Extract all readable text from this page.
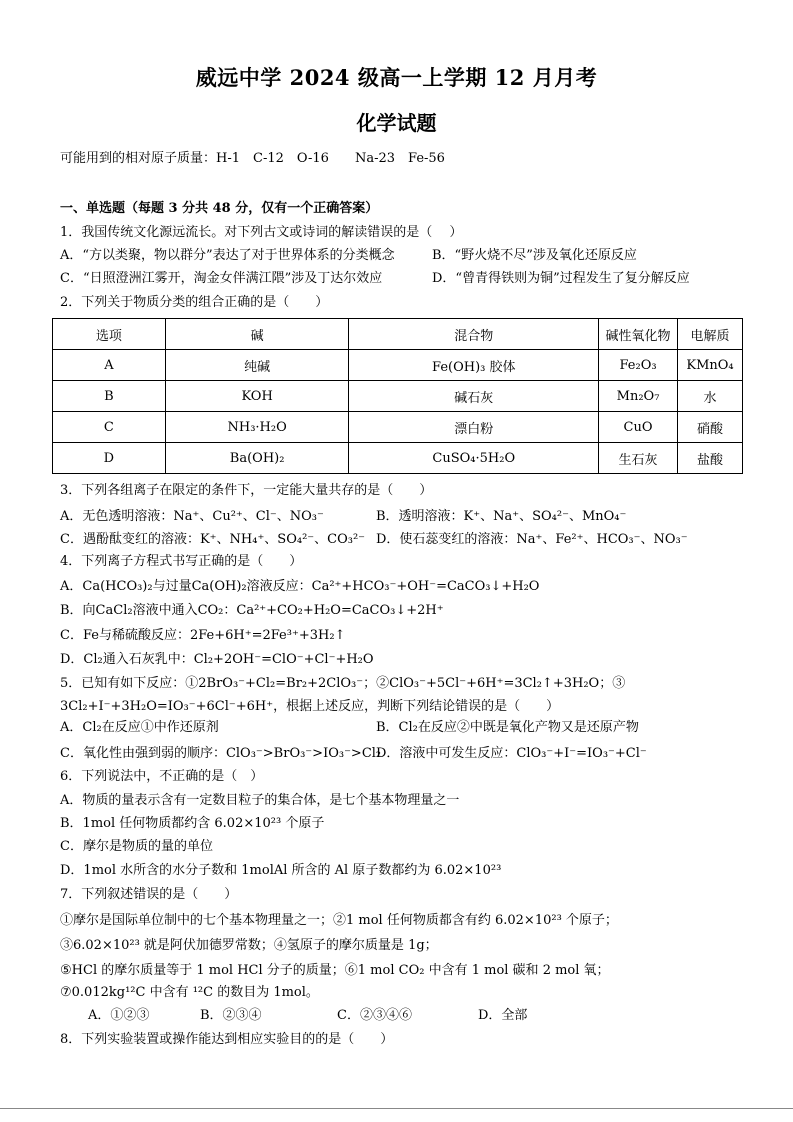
威远中学 2024 级高一上学期 12 月月考
化学试题
可能用到的相对原子质量：H-1　C-12　O-16　　Na-23　Fe-56
一、单选题（每题 3 分共 48 分，仅有一个正确答案）
1．我国传统文化源远流长。对下列古文或诗词的解读错误的是（　 ）
A．“方以类聚，物以群分”表达了对于世界体系的分类概念	B．“野火烧不尽”涉及氧化还原反应
C．“日照澄洲江雾开，淘金女伴满江隈”涉及丁达尔效应	D．“曾青得铁则为铜”过程发生了复分解反应
2．下列关于物质分类的组合正确的是（　　）
选项	碱	混合物	碱性氧化物	电解质
A	纯碱	Fe(OH)₃ 胶体	Fe₂O₃	KMnO₄
B	KOH	碱石灰	Mn₂O₇	水
C	NH₃·H₂O	漂白粉	CuO	硝酸
D	Ba(OH)₂	CuSO₄·5H₂O	生石灰	盐酸
3．下列各组离子在限定的条件下，一定能大量共存的是（　　）
A．无色透明溶液：Na⁺、Cu²⁺、Cl⁻、NO₃⁻	B．透明溶液：K⁺、Na⁺、SO₄²⁻、MnO₄⁻
C．遇酚酞变红的溶液：K⁺、NH₄⁺、SO₄²⁻、CO₃²⁻ D．使石蕊变红的溶液：Na⁺、Fe²⁺、HCO₃⁻、NO₃⁻
4．下列离子方程式书写正确的是（　　）
A．Ca(HCO₃)₂与过量Ca(OH)₂溶液反应：Ca²⁺+HCO₃⁻+OH⁻=CaCO₃↓+H₂O
B．向CaCl₂溶液中通入CO₂：Ca²⁺+CO₂+H₂O=CaCO₃↓+2H⁺
C．Fe与稀硫酸反应：2Fe+6H⁺=2Fe³⁺+3H₂↑
D．Cl₂通入石灰乳中：Cl₂+2OH⁻=ClO⁻+Cl⁻+H₂O
5．已知有如下反应：①2BrO₃⁻+Cl₂=Br₂+2ClO₃⁻；②ClO₃⁻+5Cl⁻+6H⁺=3Cl₂↑+3H₂O；③
3Cl₂+I⁻+3H₂O=IO₃⁻+6Cl⁻+6H⁺，根据上述反应，判断下列结论错误的是（　　）
A．Cl₂在反应①中作还原剂	B．Cl₂在反应②中既是氧化产物又是还原产物
C．氧化性由强到弱的顺序：ClO₃⁻>BrO₃⁻>IO₃⁻>Cl₂
D．溶液中可发生反应：ClO₃⁻+I⁻=IO₃⁻+Cl⁻
6．下列说法中，不正确的是（　）
A．物质的量表示含有一定数目粒子的集合体，是七个基本物理量之一
B．1mol 任何物质都约含 6.02×10²³ 个原子
C．摩尔是物质的量的单位
D．1mol 水所含的水分子数和 1molAl 所含的 Al 原子数都约为 6.02×10²³
7．下列叙述错误的是（　　）
①摩尔是国际单位制中的七个基本物理量之一；②1 mol 任何物质都含有约 6.02×10²³ 个原子；
③6.02×10²³ 就是阿伏加德罗常数；④氢原子的摩尔质量是 1g；
⑤HCl 的摩尔质量等于 1 mol HCl 分子的质量；⑥1 mol CO₂ 中含有 1 mol 碳和 2 mol 氧；
⑦0.012kg¹²C 中含有 ¹²C 的数目为 1mol。
A．①②③	B．②③④	C．②③④⑥	D．全部
8．下列实验装置或操作能达到相应实验目的的是（　　）
